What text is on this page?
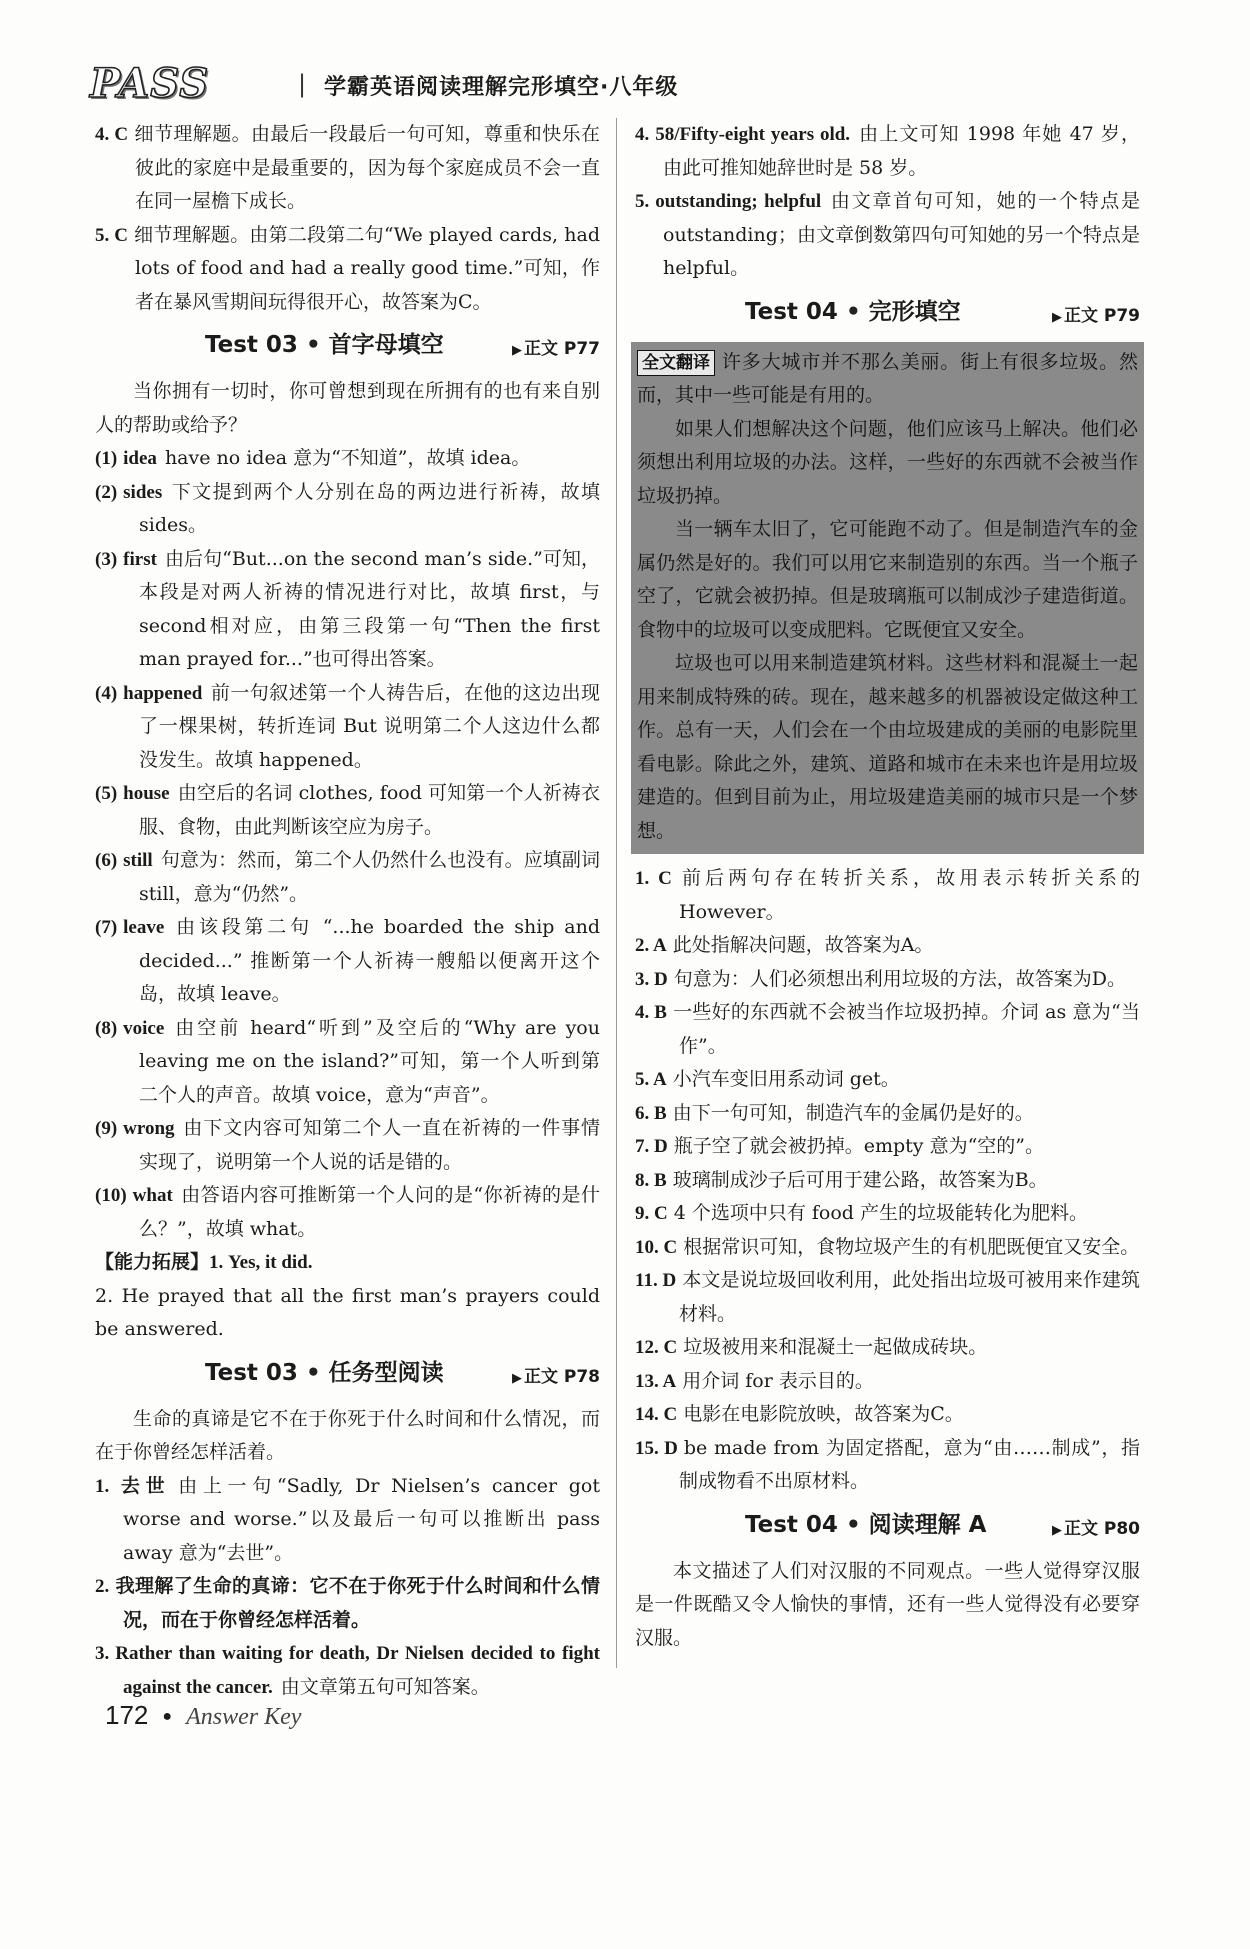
PASS	| 学霸英语阅读理解完形填空·八年级
4. C 细节理解题。由最后一段最后一句可知，尊重和快乐在彼此的家庭中是最重要的，因为每个家庭成员不会一直在同一屋檐下成长。
5. C 细节理解题。由第二段第二句“We played cards, had lots of food and had a really good time.”可知，作者在暴风雪期间玩得很开心，故答案为C。
Test 03 • 首字母填空	▶ 正文 P77
当你拥有一切时，你可曾想到现在所拥有的也有来自别人的帮助或给予？
(1) idea have no idea 意为“不知道”，故填 idea。
(2) sides 下文提到两个人分别在岛的两边进行祈祷，故填 sides。
(3) first 由后句“But...on the second man’s side.”可知，本段是对两人祈祷的情况进行对比，故填 first，与second相对应，由第三段第一句“Then the first man prayed for...”也可得出答案。
(4) happened 前一句叙述第一个人祷告后，在他的这边出现了一棵果树，转折连词 But 说明第二个人这边什么都没发生。故填 happened。
(5) house 由空后的名词 clothes, food 可知第一个人祈祷衣服、食物，由此判断该空应为房子。
(6) still 句意为：然而，第二个人仍然什么也没有。应填副词 still，意为“仍然”。
(7) leave 由该段第二句 “...he boarded the ship and decided...” 推断第一个人祈祷一艘船以便离开这个岛，故填 leave。
(8) voice 由空前 heard“听到”及空后的“Why are you leaving me on the island?”可知，第一个人听到第二个人的声音。故填 voice，意为“声音”。
(9) wrong 由下文内容可知第二个人一直在祈祷的一件事情实现了，说明第一个人说的话是错的。
(10) what 由答语内容可推断第一个人问的是“你祈祷的是什么？”，故填 what。
【能力拓展】1. Yes, it did.
2. He prayed that all the first man’s prayers could be answered.
Test 03 • 任务型阅读	▶ 正文 P78
生命的真谛是它不在于你死于什么时间和什么情况，而在于你曾经怎样活着。
1. 去世 由上一句“Sadly, Dr Nielsen’s cancer got worse and worse.”以及最后一句可以推断出 pass away 意为“去世”。
2. 我理解了生命的真谛：它不在于你死于什么时间和什么情况，而在于你曾经怎样活着。
3. Rather than waiting for death, Dr Nielsen decided to fight against the cancer. 由文章第五句可知答案。
4. 58/Fifty-eight years old. 由上文可知 1998 年她 47 岁，由此可推知她辞世时是 58 岁。
5. outstanding; helpful 由文章首句可知，她的一个特点是 outstanding；由文章倒数第四句可知她的另一个特点是 helpful。
Test 04 • 完形填空	▶ 正文 P79

全文翻译 许多大城市并不那么美丽。街上有很多垃圾。然而，其中一些可能是有用的。

如果人们想解决这个问题，他们应该马上解决。他们必须想出利用垃圾的办法。这样，一些好的东西就不会被当作垃圾扔掉。

当一辆车太旧了，它可能跑不动了。但是制造汽车的金属仍然是好的。我们可以用它来制造别的东西。当一个瓶子空了，它就会被扔掉。但是玻璃瓶可以制成沙子建造街道。食物中的垃圾可以变成肥料。它既便宜又安全。

垃圾也可以用来制造建筑材料。这些材料和混凝土一起用来制成特殊的砖。现在，越来越多的机器被设定做这种工作。总有一天，人们会在一个由垃圾建成的美丽的电影院里看电影。除此之外，建筑、道路和城市在未来也许是用垃圾建造的。但到目前为止，用垃圾建造美丽的城市只是一个梦想。

1. C 前后两句存在转折关系，故用表示转折关系的 However。
2. A 此处指解决问题，故答案为A。
3. D 句意为：人们必须想出利用垃圾的方法，故答案为D。
4. B 一些好的东西就不会被当作垃圾扔掉。介词 as 意为“当作”。
5. A 小汽车变旧用系动词 get。
6. B 由下一句可知，制造汽车的金属仍是好的。
7. D 瓶子空了就会被扔掉。empty 意为“空的”。
8. B 玻璃制成沙子后可用于建公路，故答案为B。
9. C 4 个选项中只有 food 产生的垃圾能转化为肥料。
10. C 根据常识可知，食物垃圾产生的有机肥既便宜又安全。
11. D 本文是说垃圾回收利用，此处指出垃圾可被用来作建筑材料。
12. C 垃圾被用来和混凝土一起做成砖块。
13. A 用介词 for 表示目的。
14. C 电影在电影院放映，故答案为C。
15. D be made from 为固定搭配，意为“由……制成”，指制成物看不出原材料。
Test 04 • 阅读理解 A	▶ 正文 P80
本文描述了人们对汉服的不同观点。一些人觉得穿汉服是一件既酷又令人愉快的事情，还有一些人觉得没有必要穿汉服。
172 ● Answer Key
